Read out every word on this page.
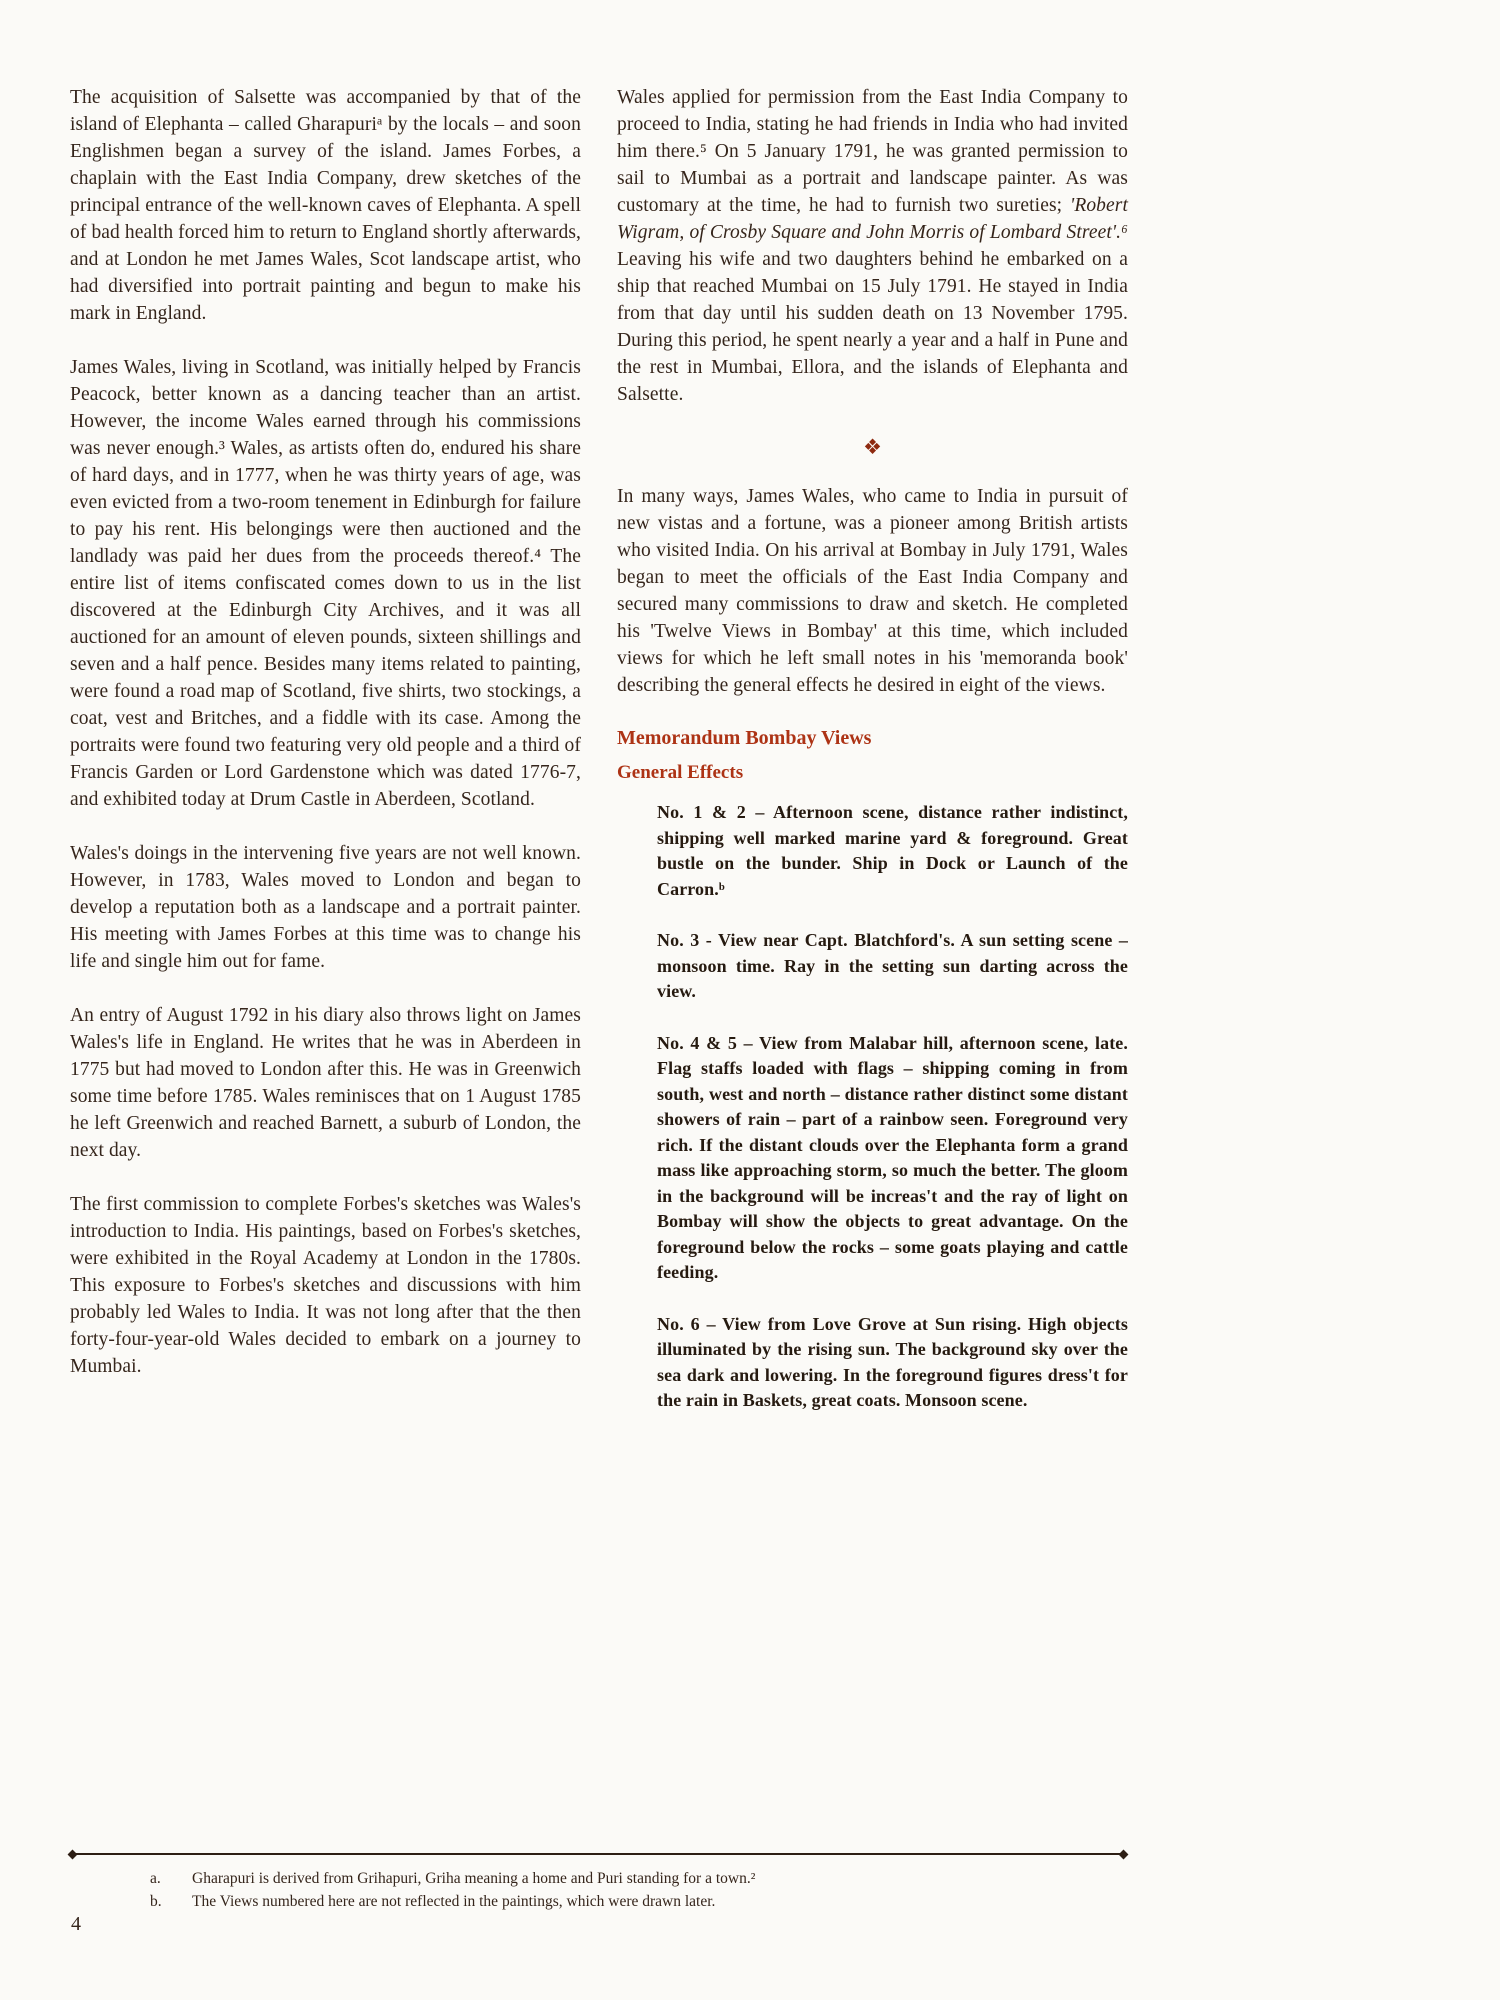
The acquisition of Salsette was accompanied by that of the island of Elephanta – called Gharapuriᵃ by the locals – and soon Englishmen began a survey of the island. James Forbes, a chaplain with the East India Company, drew sketches of the principal entrance of the well-known caves of Elephanta. A spell of bad health forced him to return to England shortly afterwards, and at London he met James Wales, Scot landscape artist, who had diversified into portrait painting and begun to make his mark in England.

James Wales, living in Scotland, was initially helped by Francis Peacock, better known as a dancing teacher than an artist. However, the income Wales earned through his commissions was never enough.³ Wales, as artists often do, endured his share of hard days, and in 1777, when he was thirty years of age, was even evicted from a two-room tenement in Edinburgh for failure to pay his rent. His belongings were then auctioned and the landlady was paid her dues from the proceeds thereof.⁴ The entire list of items confiscated comes down to us in the list discovered at the Edinburgh City Archives, and it was all auctioned for an amount of eleven pounds, sixteen shillings and seven and a half pence. Besides many items related to painting, were found a road map of Scotland, five shirts, two stockings, a coat, vest and Britches, and a fiddle with its case. Among the portraits were found two featuring very old people and a third of Francis Garden or Lord Gardenstone which was dated 1776-7, and exhibited today at Drum Castle in Aberdeen, Scotland.

Wales's doings in the intervening five years are not well known. However, in 1783, Wales moved to London and began to develop a reputation both as a landscape and a portrait painter. His meeting with James Forbes at this time was to change his life and single him out for fame.

An entry of August 1792 in his diary also throws light on James Wales's life in England. He writes that he was in Aberdeen in 1775 but had moved to London after this. He was in Greenwich some time before 1785. Wales reminisces that on 1 August 1785 he left Greenwich and reached Barnett, a suburb of London, the next day.

The first commission to complete Forbes's sketches was Wales's introduction to India. His paintings, based on Forbes's sketches, were exhibited in the Royal Academy at London in the 1780s. This exposure to Forbes's sketches and discussions with him probably led Wales to India. It was not long after that the then forty-four-year-old Wales decided to embark on a journey to Mumbai.

Wales applied for permission from the East India Company to proceed to India, stating he had friends in India who had invited him there.⁵ On 5 January 1791, he was granted permission to sail to Mumbai as a portrait and landscape painter. As was customary at the time, he had to furnish two sureties; 'Robert Wigram, of Crosby Square and John Morris of Lombard Street'.⁶ Leaving his wife and two daughters behind he embarked on a ship that reached Mumbai on 15 July 1791. He stayed in India from that day until his sudden death on 13 November 1795. During this period, he spent nearly a year and a half in Pune and the rest in Mumbai, Ellora, and the islands of Elephanta and Salsette.

❖

In many ways, James Wales, who came to India in pursuit of new vistas and a fortune, was a pioneer among British artists who visited India. On his arrival at Bombay in July 1791, Wales began to meet the officials of the East India Company and secured many commissions to draw and sketch. He completed his 'Twelve Views in Bombay' at this time, which included views for which he left small notes in his 'memoranda book' describing the general effects he desired in eight of the views.

Memorandum Bombay Views
General Effects

No. 1 & 2 – Afternoon scene, distance rather indistinct, shipping well marked marine yard & foreground. Great bustle on the bunder. Ship in Dock or Launch of the Carron.ᵇ

No. 3 - View near Capt. Blatchford's. A sun setting scene – monsoon time. Ray in the setting sun darting across the view.

No. 4 & 5 – View from Malabar hill, afternoon scene, late. Flag staffs loaded with flags – shipping coming in from south, west and north – distance rather distinct some distant showers of rain – part of a rainbow seen. Foreground very rich. If the distant clouds over the Elephanta form a grand mass like approaching storm, so much the better. The gloom in the background will be increas't and the ray of light on Bombay will show the objects to great advantage. On the foreground below the rocks – some goats playing and cattle feeding.

No. 6 – View from Love Grove at Sun rising. High objects illuminated by the rising sun. The background sky over the sea dark and lowering. In the foreground figures dress't for the rain in Baskets, great coats. Monsoon scene.

a.	Gharapuri is derived from Grihapuri, Griha meaning a home and Puri standing for a town.²
b.	The Views numbered here are not reflected in the paintings, which were drawn later.
4
